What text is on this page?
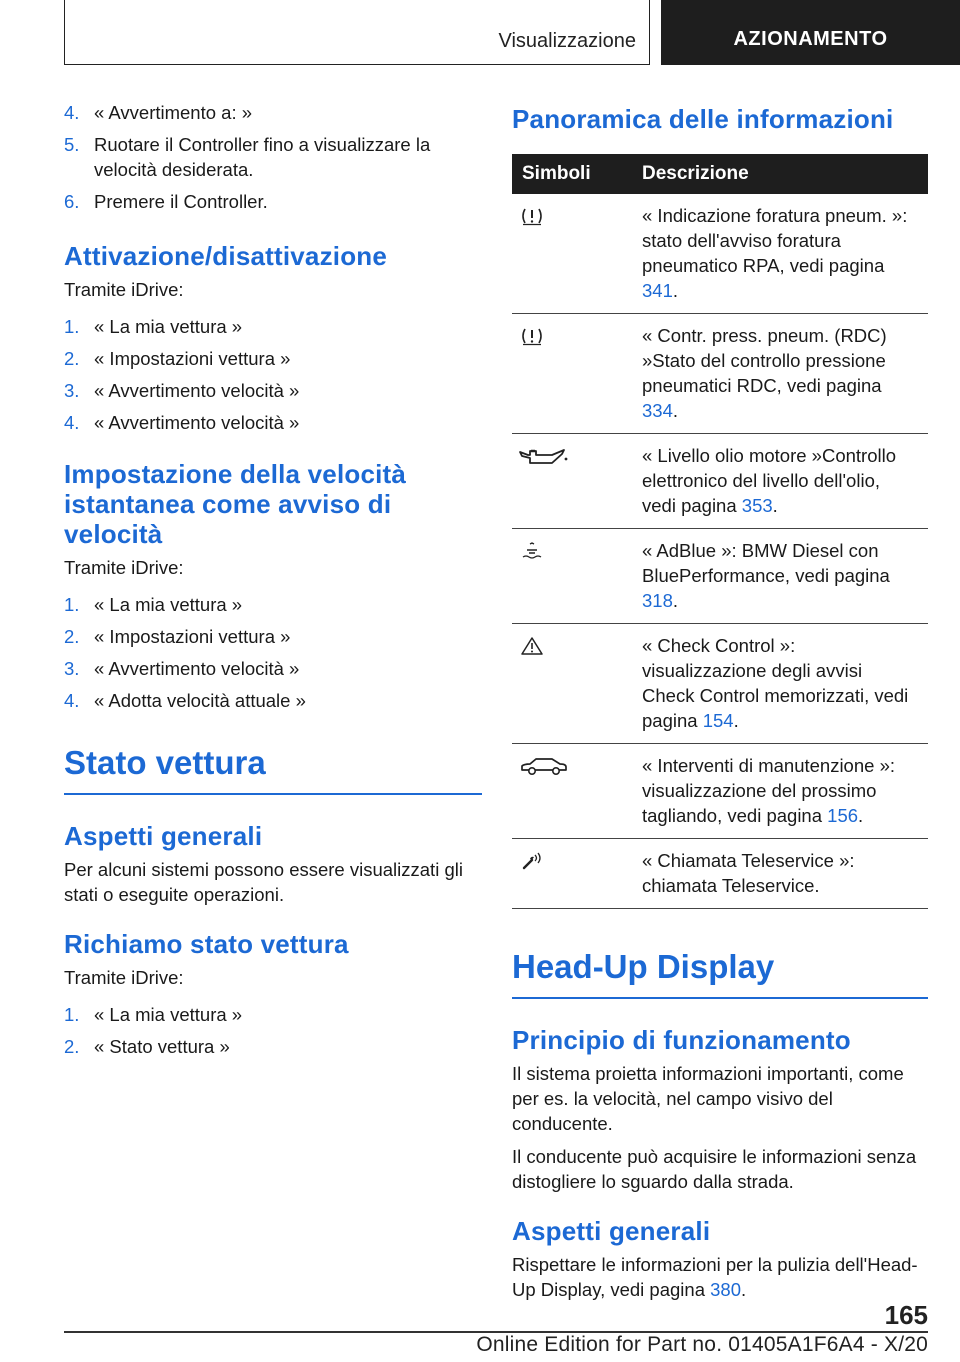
Visualizzazione	AZIONAMENTO
4. « Avvertimento a: »
5. Ruotare il Controller fino a visualizzare la velocità desiderata.
6. Premere il Controller.
Attivazione/disattivazione

Tramite iDrive:

1. « La mia vettura »
2. « Impostazioni vettura »
3. « Avvertimento velocità »
4. « Avvertimento velocità »
Impostazione della velocità istantanea come avviso di velocità

Tramite iDrive:

1. « La mia vettura »
2. « Impostazioni vettura »
3. « Avvertimento velocità »
4. « Adotta velocità attuale »
Stato vettura
Aspetti generali

Per alcuni sistemi possono essere visualizzati gli stati o eseguite operazioni.

Richiamo stato vettura

Tramite iDrive:

1. « La mia vettura »
2. « Stato vettura »
Panoramica delle informazioni
Simboli	Descrizione

	« Indicazione foratura pneum. »: stato dell'avviso foratura pneumatico RPA, vedi pagina 341.

	« Contr. press. pneum. (RDC) »Stato del controllo pressione pneumatici RDC, vedi pagina 334.

	« Livello olio motore »Controllo elettronico del livello dell'olio, vedi pagina 353.

	« AdBlue »: BMW Diesel con BluePerformance, vedi pagina 318.

	« Check Control »: visualizzazione degli avvisi Check Control memorizzati, vedi pagina 154.

	« Interventi di manutenzione »: visualizzazione del prossimo tagliando, vedi pagina 156.

	« Chiamata Teleservice »: chiamata Teleservice.
Head-Up Display
Principio di funzionamento

Il sistema proietta informazioni importanti, come per es. la velocità, nel campo visivo del conducente.

Il conducente può acquisire le informazioni senza distogliere lo sguardo dalla strada.

Aspetti generali

Rispettare le informazioni per la pulizia dell'Head-Up Display, vedi pagina 380.

165
Online Edition for Part no. 01405A1F6A4 - X/20
